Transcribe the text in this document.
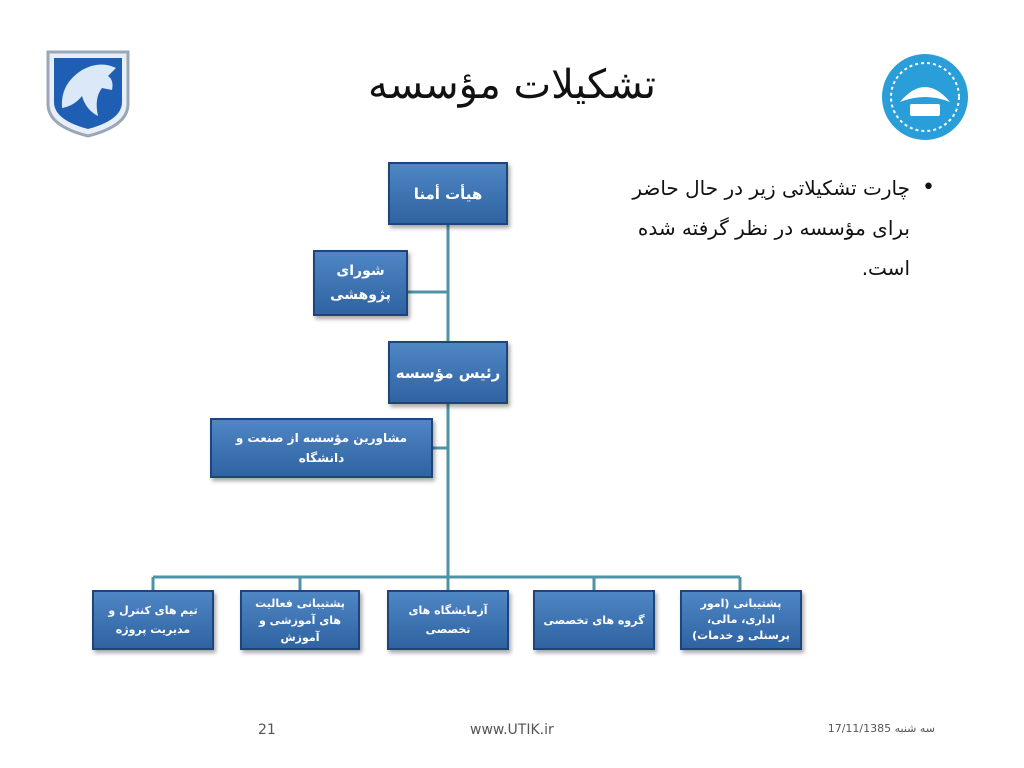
تشکیلات مؤسسه
•
چارت تشکیلاتی زیر در حال حاضر برای مؤسسه در نظر گرفته شده است.
هیأت أمنا
شورای پژوهشی
رئیس مؤسسه
مشاورین مؤسسه از صنعت و دانشگاه
تیم های کنترل و مدیریت پروژه
پشتیبانی فعالیت های آموزشی و آموزش
آزمایشگاه های تخصصی
گروه های تخصصی
پشتیبانی (امور اداری، مالی، پرسنلی و خدمات)
21	www.UTIK.ir	سه شنبه 17/11/1385
